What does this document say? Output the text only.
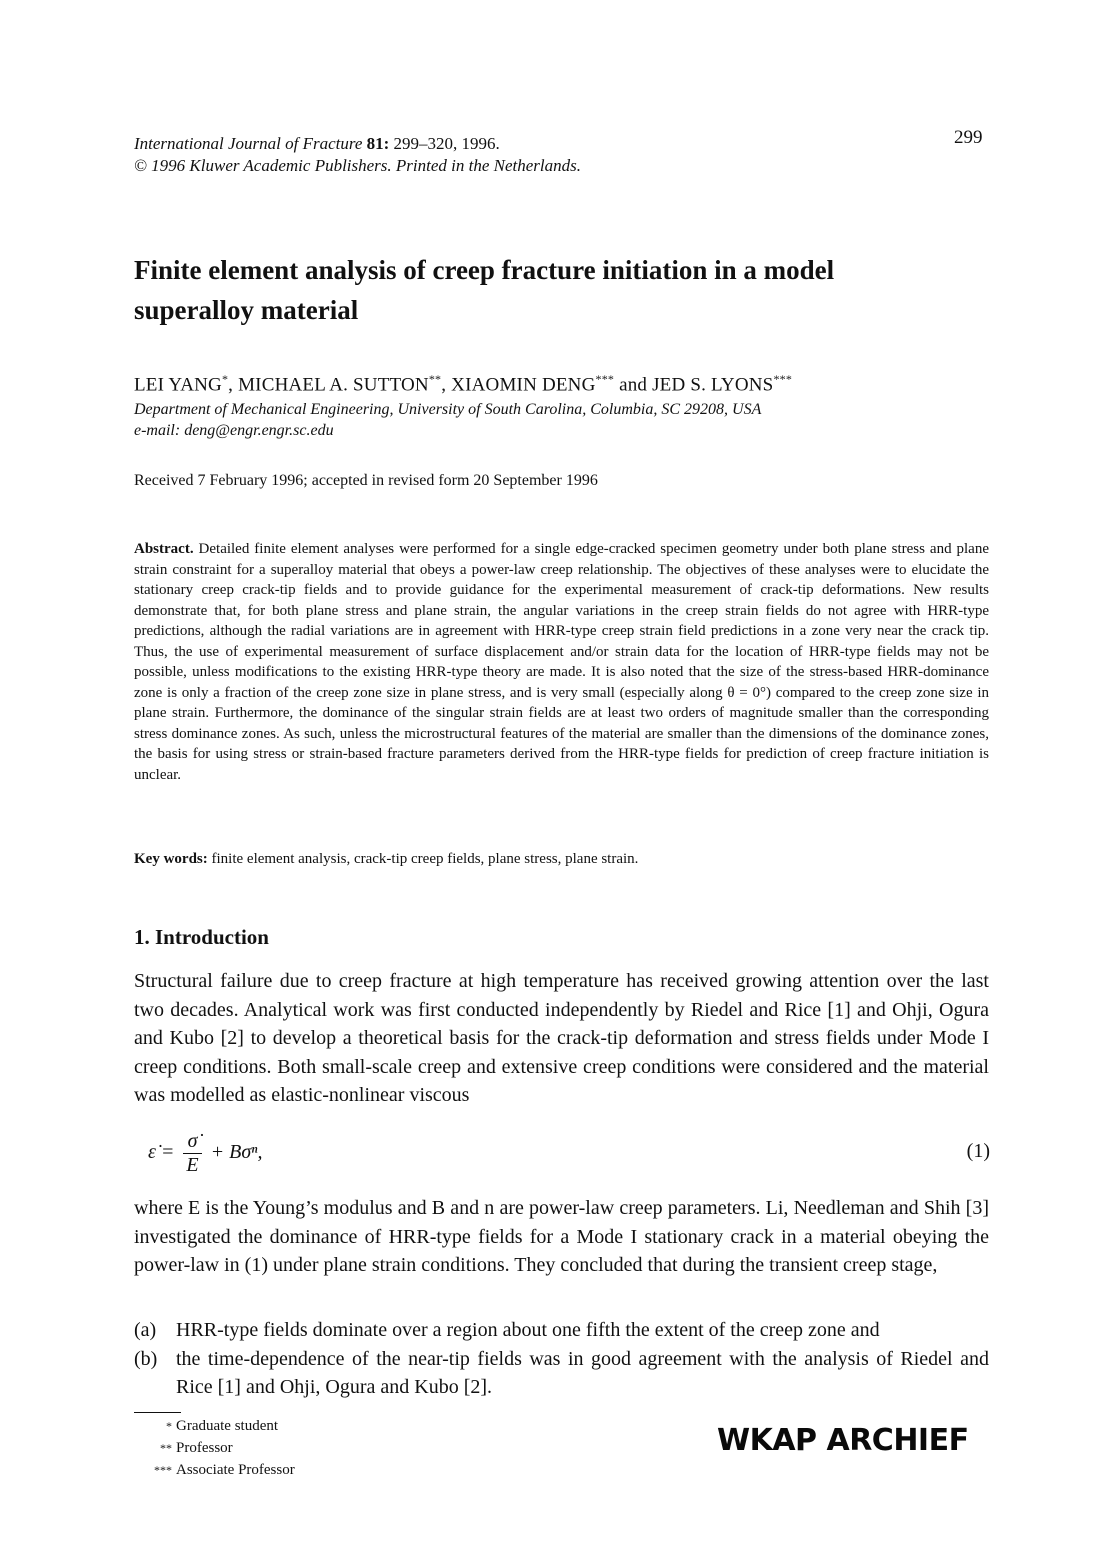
International Journal of Fracture 81: 299–320, 1996.
© 1996 Kluwer Academic Publishers. Printed in the Netherlands.
299
Finite element analysis of creep fracture initiation in a model superalloy material
LEI YANG*, MICHAEL A. SUTTON**, XIAOMIN DENG*** and JED S. LYONS***
Department of Mechanical Engineering, University of South Carolina, Columbia, SC 29208, USA
e-mail: deng@engr.engr.sc.edu
Received 7 February 1996; accepted in revised form 20 September 1996
Abstract. Detailed finite element analyses were performed for a single edge-cracked specimen geometry under both plane stress and plane strain constraint for a superalloy material that obeys a power-law creep relationship. The objectives of these analyses were to elucidate the stationary creep crack-tip fields and to provide guidance for the experimental measurement of crack-tip deformations. New results demonstrate that, for both plane stress and plane strain, the angular variations in the creep strain fields do not agree with HRR-type predictions, although the radial variations are in agreement with HRR-type creep strain field predictions in a zone very near the crack tip. Thus, the use of experimental measurement of surface displacement and/or strain data for the location of HRR-type fields may not be possible, unless modifications to the existing HRR-type theory are made. It is also noted that the size of the stress-based HRR-dominance zone is only a fraction of the creep zone size in plane stress, and is very small (especially along θ = 0°) compared to the creep zone size in plane strain. Furthermore, the dominance of the singular strain fields are at least two orders of magnitude smaller than the corresponding stress dominance zones. As such, unless the microstructural features of the material are smaller than the dimensions of the dominance zones, the basis for using stress or strain-based fracture parameters derived from the HRR-type fields for prediction of creep fracture initiation is unclear.
Key words: finite element analysis, crack-tip creep fields, plane stress, plane strain.
1. Introduction
Structural failure due to creep fracture at high temperature has received growing attention over the last two decades. Analytical work was first conducted independently by Riedel and Rice [1] and Ohji, Ogura and Kubo [2] to develop a theoretical basis for the crack-tip deformation and stress fields under Mode I creep conditions. Both small-scale creep and extensive creep conditions were considered and the material was modelled as elastic-nonlinear viscous
ε̇ = $\frac{\sigmȧ}{E} + B\sigma^n$,	(1)
where E is the Young’s modulus and B and n are power-law creep parameters. Li, Needleman and Shih [3] investigated the dominance of HRR-type fields for a Mode I stationary crack in a material obeying the power-law in (1) under plane strain conditions. They concluded that during the transient creep stage,
(a) HRR-type fields dominate over a region about one fifth the extent of the creep zone and
(b) the time-dependence of the near-tip fields was in good agreement with the analysis of Riedel and Rice [1] and Ohji, Ogura and Kubo [2].
* Graduate student
** Professor
*** Associate Professor
WKAP ARCHIEF
